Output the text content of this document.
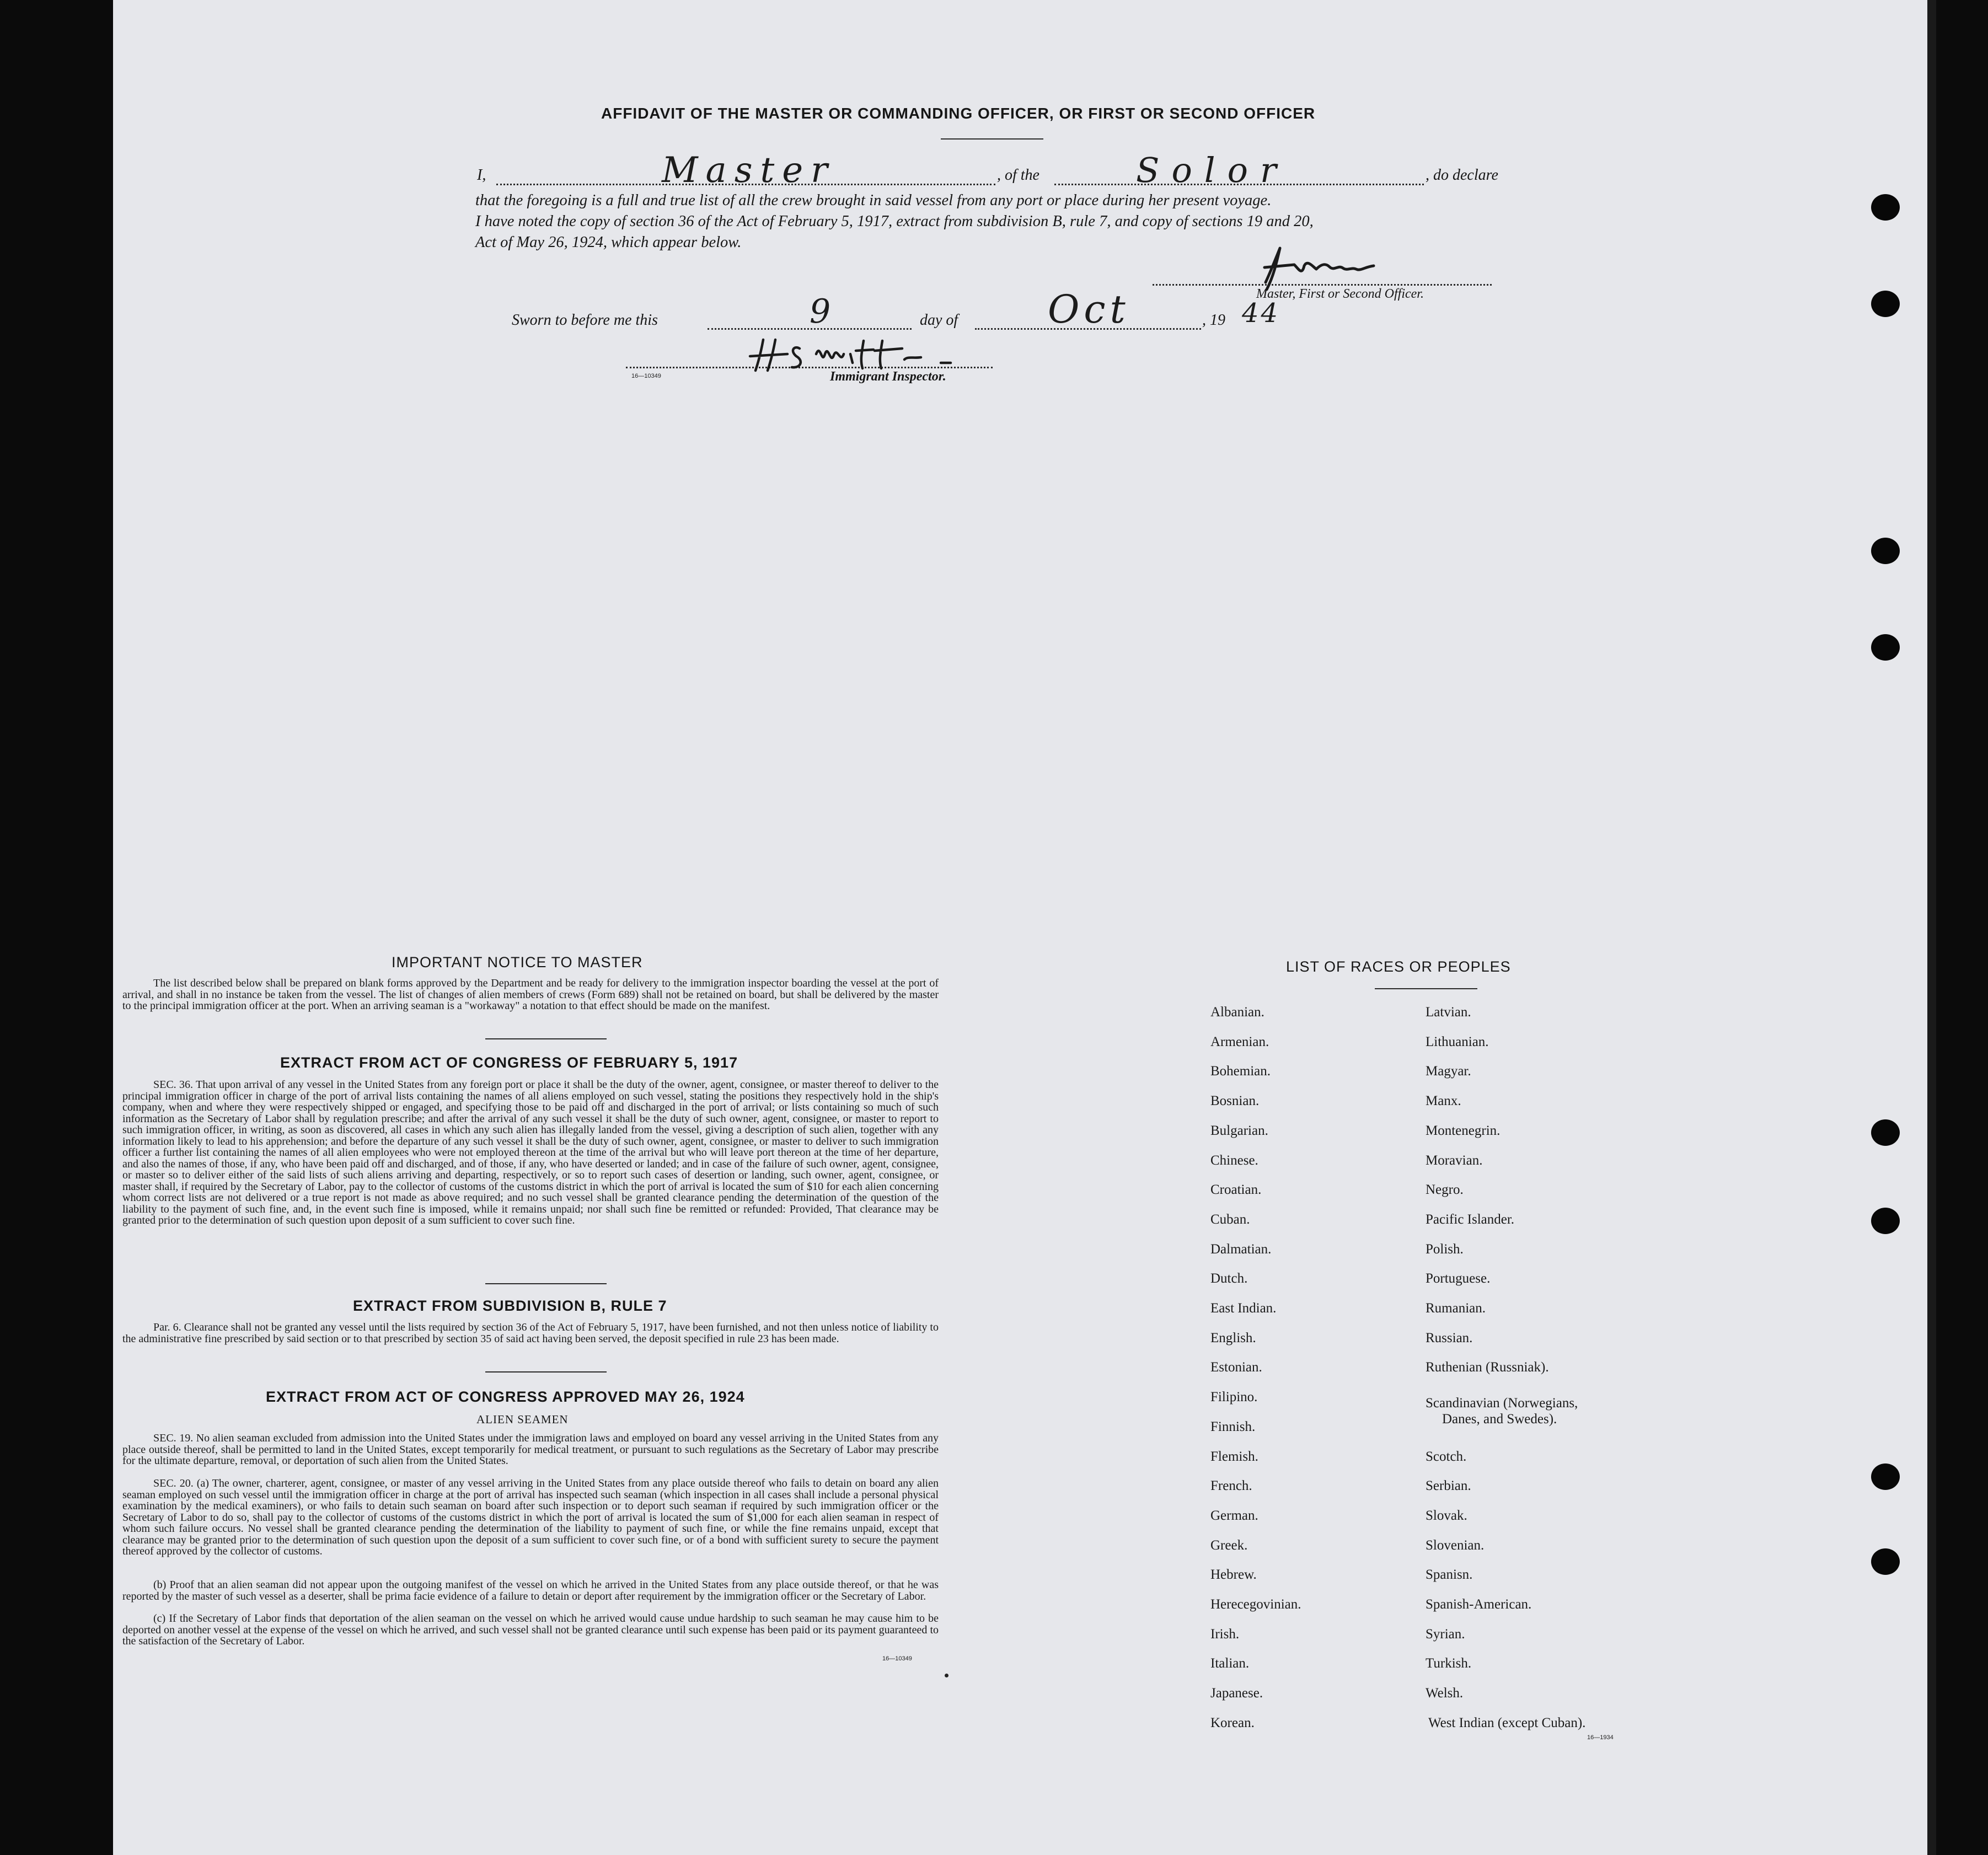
AFFIDAVIT OF THE MASTER OR COMMANDING OFFICER, OR FIRST OR SECOND OFFICER
I,	Master	, of the	Solor	, do declare
that the foregoing is a full and true list of all the crew brought in said vessel from any port or place during her present voyage.
I have noted the copy of section 36 of the Act of February 5, 1917, extract from subdivision B, rule 7, and copy of sections 19 and 20,
Act of May 26, 1924, which appear below.
Master, First or Second Officer.
Sworn to before me this	9	day of Oct	, 19 44
16—10349	Immigrant Inspector.
IMPORTANT NOTICE TO MASTER

The list described below shall be prepared on blank forms approved by the Department and be ready for delivery to the immigration inspector boarding the vessel at the port of arrival, and shall in no instance be taken from the vessel. The list of changes of alien members of crews (Form 689) shall not be retained on board, but shall be delivered by the master to the principal immigration officer at the port. When an arriving seaman is a "workaway" a notation to that effect should be made on the manifest.

EXTRACT FROM ACT OF CONGRESS OF FEBRUARY 5, 1917

SEC. 36. That upon arrival of any vessel in the United States from any foreign port or place it shall be the duty of the owner, agent, consignee, or master thereof to deliver to the principal immigration officer in charge of the port of arrival lists containing the names of all aliens employed on such vessel, stating the positions they respectively hold in the ship's company, when and where they were respectively shipped or engaged, and specifying those to be paid off and discharged in the port of arrival; or lists containing so much of such information as the Secretary of Labor shall by regulation prescribe; and after the arrival of any such vessel it shall be the duty of such owner, agent, consignee, or master to report to such immigration officer, in writing, as soon as discovered, all cases in which any such alien has illegally landed from the vessel, giving a description of such alien, together with any information likely to lead to his apprehension; and before the departure of any such vessel it shall be the duty of such owner, agent, consignee, or master to deliver to such immigration officer a further list containing the names of all alien employees who were not employed thereon at the time of the arrival but who will leave port thereon at the time of her departure, and also the names of those, if any, who have been paid off and discharged, and of those, if any, who have deserted or landed; and in case of the failure of such owner, agent, consignee, or master so to deliver either of the said lists of such aliens arriving and departing, respectively, or so to report such cases of desertion or landing, such owner, agent, consignee, or master shall, if required by the Secretary of Labor, pay to the collector of customs of the customs district in which the port of arrival is located the sum of $10 for each alien concerning whom correct lists are not delivered or a true report is not made as above required; and no such vessel shall be granted clearance pending the determination of the question of the liability to the payment of such fine, and, in the event such fine is imposed, while it remains unpaid; nor shall such fine be remitted or refunded: Provided, That clearance may be granted prior to the determination of such question upon deposit of a sum sufficient to cover such fine.

EXTRACT FROM SUBDIVISION B, RULE 7

Par. 6. Clearance shall not be granted any vessel until the lists required by section 36 of the Act of February 5, 1917, have been furnished, and not then unless notice of liability to the administrative fine prescribed by said section or to that prescribed by section 35 of said act having been served, the deposit specified in rule 23 has been made.

EXTRACT FROM ACT OF CONGRESS APPROVED MAY 26, 1924
ALIEN SEAMEN

SEC. 19. No alien seaman excluded from admission into the United States under the immigration laws and employed on board any vessel arriving in the United States from any place outside thereof, shall be permitted to land in the United States, except temporarily for medical treatment, or pursuant to such regulations as the Secretary of Labor may prescribe for the ultimate departure, removal, or deportation of such alien from the United States.

SEC. 20. (a) The owner, charterer, agent, consignee, or master of any vessel arriving in the United States from any place outside thereof who fails to detain on board any alien seaman employed on such vessel until the immigration officer in charge at the port of arrival has inspected such seaman (which inspection in all cases shall include a personal physical examination by the medical examiners), or who fails to detain such seaman on board after such inspection or to deport such seaman if required by such immigration officer or the Secretary of Labor to do so, shall pay to the collector of customs of the customs district in which the port of arrival is located the sum of $1,000 for each alien seaman in respect of whom such failure occurs. No vessel shall be granted clearance pending the determination of the liability to payment of such fine, or while the fine remains unpaid, except that clearance may be granted prior to the determination of such question upon the deposit of a sum sufficient to cover such fine, or of a bond with sufficient surety to secure the payment thereof approved by the collector of customs.

(b) Proof that an alien seaman did not appear upon the outgoing manifest of the vessel on which he arrived in the United States from any place outside thereof, or that he was reported by the master of such vessel as a deserter, shall be prima facie evidence of a failure to detain or deport after requirement by the immigration officer or the Secretary of Labor.

(c) If the Secretary of Labor finds that deportation of the alien seaman on the vessel on which he arrived would cause undue hardship to such seaman he may cause him to be deported on another vessel at the expense of the vessel on which he arrived, and such vessel shall not be granted clearance until such expense has been paid or its payment guaranteed to the satisfaction of the Secretary of Labor.

16—10349
LIST OF RACES OR PEOPLES
Albanian.
Armenian.
Bohemian.
Bosnian.
Bulgarian.
Chinese.
Croatian.
Cuban.
Dalmatian.
Dutch.
East Indian.
English.
Estonian.
Filipino.
Finnish.
Flemish.
French.
German.
Greek.
Hebrew.
Herecegovinian.
Irish.
Italian.
Japanese.
Korean.
Latvian.
Lithuanian.
Magyar.
Manx.
Montenegrin.
Moravian.
Negro.
Pacific Islander.
Polish.
Portuguese.
Rumanian.
Russian.
Ruthenian (Russniak).
Scandinavian (Norwegians,
Danes, and Swedes).
Scotch.
Serbian.
Slovak.
Slovenian.
Spanisn.
Spanish-American.
Syrian.
Turkish.
Welsh.
West Indian (except Cuban).
16—1934
